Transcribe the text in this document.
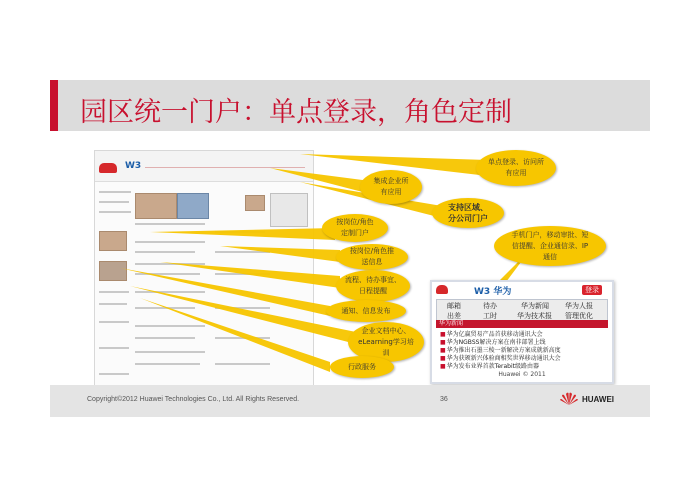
园区统一门户：单点登录，角色定制
W3	单点登录、访问所
有应用
集成企业所
有应用
支持区域、
分公司门户
按岗位/角色
定制门户
按岗位/角色推
送信息
流程、待办事宜、
日程提醒
通知、信息发布
企业文档中心、
eLearning学习培
训
行政服务
手机门户，移动审批、短
信提醒、企业通信录、IP
通信
W3 华为	登录
邮箱	待办	华为新闻 华为人报
出差	工时	华为技术报 管理优化
华为新闻
■华为亿赢贸易产品首获移动通讯大会
■华为NGBSS解决方案在南非部署上线
■华为推出石墨三棱一新解决方案成就新高度
■华为获颁新兴体验商相奖世界移动通讯大会
■华为发布业界首款Terabit级路由器
Huawei © 2011
Copyright©2012 Huawei Technologies Co., Ltd. All Rights Reserved.	36	HUAWEI
